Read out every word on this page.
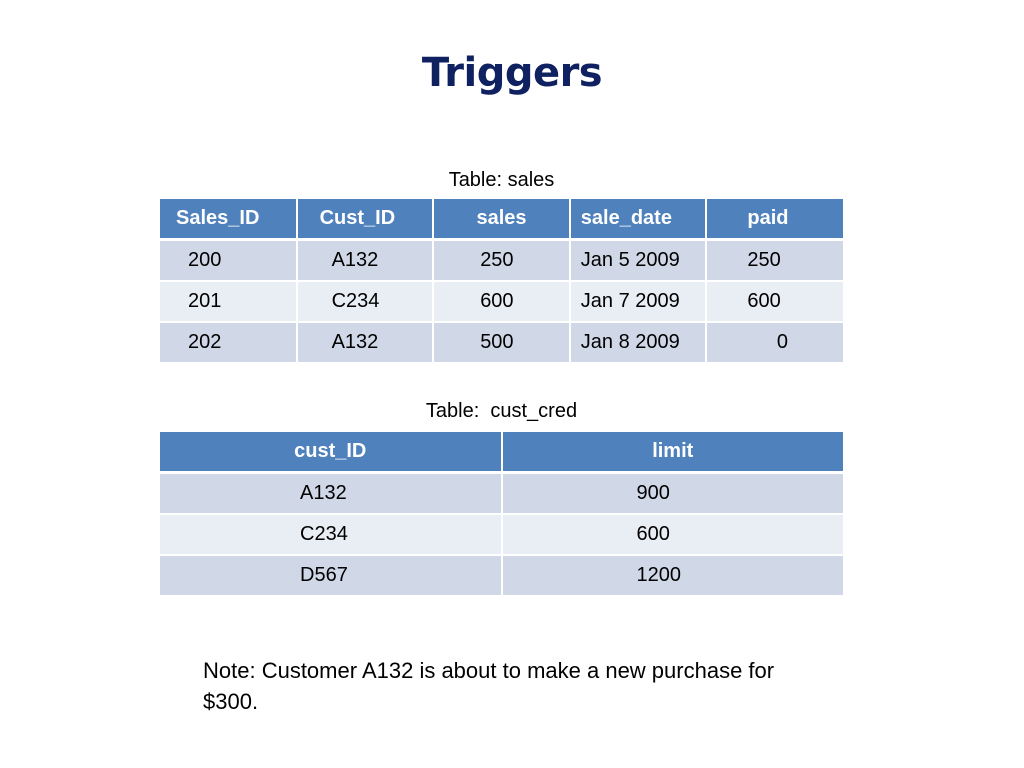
Triggers
Table: sales
Sales_ID	Cust_ID	sales	sale_date	paid
200	A132	250	Jan 5 2009	250
201	C234	600	Jan 7 2009	600
202	A132	500	Jan 8 2009	0
Table:  cust_cred
cust_ID	limit
A132	900
C234	600
D567	1200
Note: Customer A132 is about to make a new purchase for $300.
